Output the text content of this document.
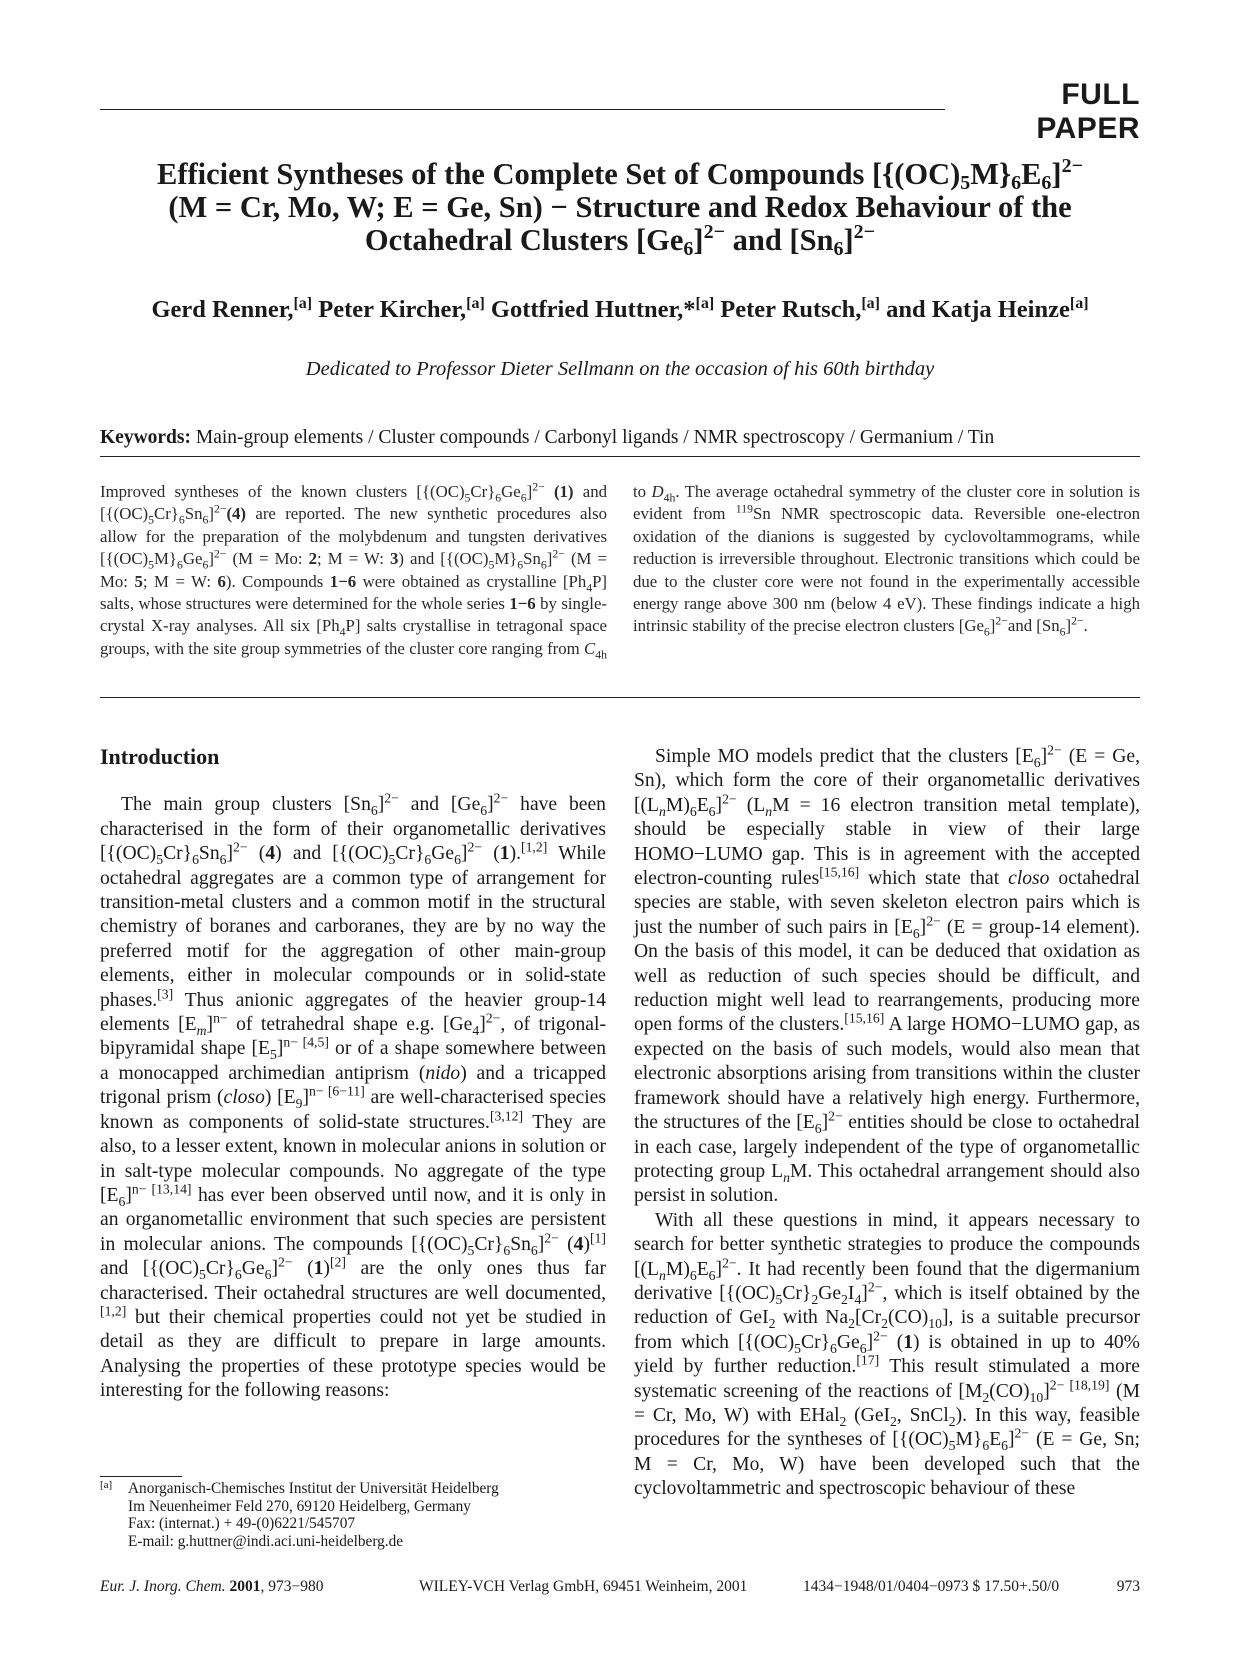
FULL PAPER
Efficient Syntheses of the Complete Set of Compounds $[\{(OC)_5M\}_6E_6]^{2-}$
(M = Cr, Mo, W; E = Ge, Sn) − Structure and Redox Behaviour of the
Octahedral Clusters $[Ge_6]^{2-}$ and $[Sn_6]^{2-}$
Gerd Renner,[a] Peter Kircher,[a] Gottfried Huttner,*[a] Peter Rutsch,[a] and Katja Heinze[a]
Dedicated to Professor Dieter Sellmann on the occasion of his 60th birthday
Keywords: Main-group elements / Cluster compounds / Carbonyl ligands / NMR spectroscopy / Germanium / Tin
Improved syntheses of the known clusters $[\{(OC)_5Cr\}_6Ge_6]^{2-}$ (1) and $[\{(OC)_5Cr\}_6Sn_6]^{2-}(4)$ are reported. The new synthetic procedures also allow for the preparation of the molybdenum and tungsten derivatives $[\{(OC)_5M\}_6Ge_6]^{2-}$ (M = Mo: 2; M = W: 3) and $[\{(OC)_5M\}_6Sn_6]^{2-}$ (M = Mo: 5; M = W: 6). Compounds 1−6 were obtained as crystalline $[Ph_4P]$ salts, whose structures were determined for the whole series 1−6 by single-crystal X-ray analyses. All six $[Ph_4P]$ salts crystallise in tetragonal space groups, with the site group symmetries of the cluster core ranging from $C_{4h}$ to $D_{4h}$. The average octahedral symmetry of the cluster core in solution is evident from $^{119}$Sn NMR spectroscopic data. Reversible one-electron oxidation of the dianions is suggested by cyclovoltammograms, while reduction is irreversible throughout. Electronic transitions which could be due to the cluster core were not found in the experimentally accessible energy range above 300 nm (below 4 eV). These findings indicate a high intrinsic stability of the precise electron clusters $[Ge_6]^{2-}and$ $[Sn_6]^{2-}$.
Introduction

The main group clusters $[Sn_6]^{2-}$ and $[Ge_6]^{2-}$ have been characterised in the form of their organometallic derivatives $[\{(OC)_5Cr\}_6Sn_6]^{2-}$ (4) and $[\{(OC)_5Cr\}_6Ge_6]^{2-}$ (1).[1,2] While octahedral aggregates are a common type of arrangement for transition-metal clusters and a common motif in the structural chemistry of boranes and carboranes, they are by no way the preferred motif for the aggregation of other main-group elements, either in molecular compounds or in solid-state phases.[3] Thus anionic aggregates of the heavier group-14 elements $[E_m]^{n-}$ of tetrahedral shape e.g. $[Ge_4]^{2-}$, of trigonal-bipyramidal shape $[E_5]^{n- [4,5]}$ or of a shape somewhere between a monocapped archimedian antiprism (nido) and a tricapped trigonal prism (closo) $[E_9]^{n- [6-11]}$ are well-characterised species known as components of solid-state structures.[3,12] They are also, to a lesser extent, known in molecular anions in solution or in salt-type molecular compounds. No aggregate of the type $[E_6]^{n- [13,14]}$ has ever been observed until now, and it is only in an organometallic environment that such species are persistent in molecular anions. The compounds $[\{(OC)_5Cr\}_6Sn_6]^{2-}$ (4)[1] and $[\{(OC)_5Cr\}_6Ge_6]^{2-}$ (1)[2] are the only ones thus far characterised. Their octahedral structures are well documented,[1,2] but their chemical properties could not yet be studied in detail as they are difficult to prepare in large amounts. Analysing the properties of these prototype species would be interesting for the following reasons:

Simple MO models predict that the clusters $[E_6]^{2-}$ (E = Ge, Sn), which form the core of their organometallic derivatives $[(L_nM)_6E_6]^{2-}$ ($L_nM = 16$ electron transition metal template), should be especially stable in view of their large HOMO−LUMO gap. This is in agreement with the accepted electron-counting rules[15,16] which state that closo octahedral species are stable, with seven skeleton electron pairs which is just the number of such pairs in $[E_6]^{2-}$ (E = group-14 element). On the basis of this model, it can be deduced that oxidation as well as reduction of such species should be difficult, and reduction might well lead to rearrangements, producing more open forms of the clusters.[15,16] A large HOMO−LUMO gap, as expected on the basis of such models, would also mean that electronic absorptions arising from transitions within the cluster framework should have a relatively high energy. Furthermore, the structures of the $[E_6]^{2-}$ entities should be close to octahedral in each case, largely independent of the type of organometallic protecting group $L_nM$. This octahedral arrangement should also persist in solution.

With all these questions in mind, it appears necessary to search for better synthetic strategies to produce the compounds $[(L_nM)_6E_6]^{2-}$. It had recently been found that the digermanium derivative $[\{(OC)_5Cr\}_2Ge_2I_4]^{2-}$, which is itself obtained by the reduction of GeI$_2$ with $Na_2[Cr_2(CO)_{10}]$, is a suitable precursor from which $[\{(OC)_5Cr\}_6Ge_6]^{2-}$ (1) is obtained in up to 40% yield by further reduction.[17] This result stimulated a more systematic screening of the reactions of $[M_2(CO)_{10}]^{2- [18,19]}$ (M = Cr, Mo, W) with EHal$_2$ (GeI$_2$, SnCl$_2$). In this way, feasible procedures for the syntheses of $[\{(OC)_5M\}_6E_6]^{2-}$ (E = Ge, Sn; M = Cr, Mo, W) have been developed such that the cyclovoltammetric and spectroscopic behaviour of these

[a] Anorganisch-Chemisches Institut der Universität Heidelberg
Im Neuenheimer Feld 270, 69120 Heidelberg, Germany
Fax: (internat.) + 49-(0)6221/545707
E-mail: g.huttner@indi.aci.uni-heidelberg.de
Eur. J. Inorg. Chem. 2001, 973−980	WILEY-VCH Verlag GmbH, 69451 Weinheim, 2001	1434−1948/01/0404−0973 $ 17.50+.50/0	973
